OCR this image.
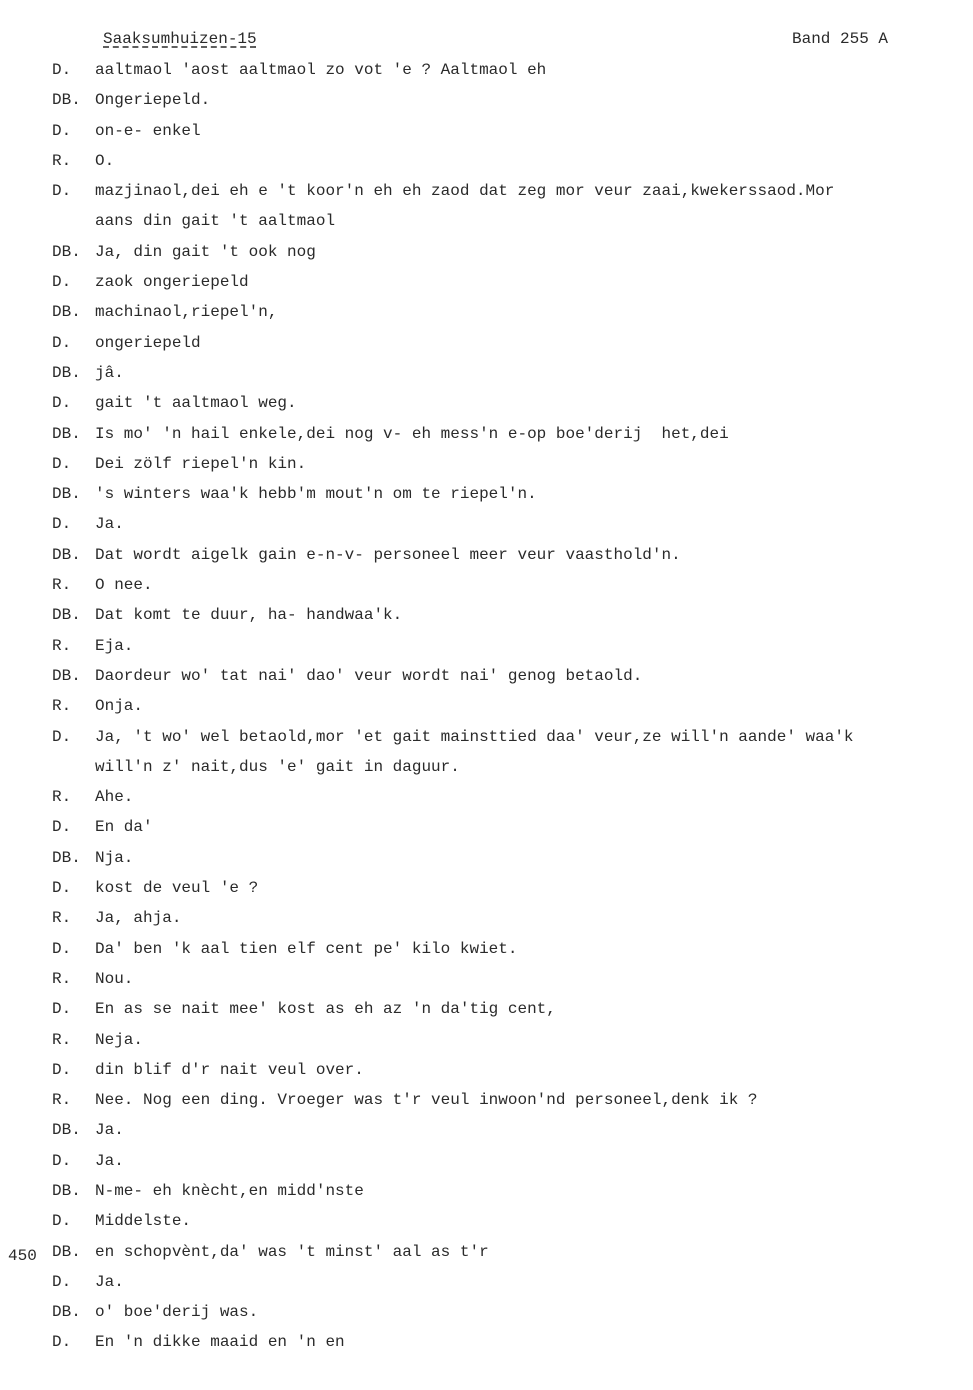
Saaksumhuizen-15	Band 255 A
450
D. aaltmaol 'aost aaltmaol zo vot 'e ? Aaltmaol eh
DB. Ongeriepeld.
D. on-e- enkel
R. O.
D. mazjinaol,dei eh e 't koor'n eh eh zaod dat zeg mor veur zaai,kwekerssaod.Mor
aans din gait 't aaltmaol
DB. Ja, din gait 't ook nog
D. zaok ongeriepeld
DB. machinaol,riepel'n,
D. ongeriepeld
DB. jâ.
D. gait 't aaltmaol weg.
DB. Is mo' 'n hail enkele,dei nog v- eh mess'n e-op boe'derij  het,dei
D. Dei zölf riepel'n kin.
DB. 's winters waa'k hebb'm mout'n om te riepel'n.
D. Ja.
DB. Dat wordt aigelk gain e-n-v- personeel meer veur vaasthold'n.
R. O nee.
DB. Dat komt te duur, ha- handwaa'k.
R. Eja.
DB. Daordeur wo' tat nai' dao' veur wordt nai' genog betaold.
R. Onja.
D. Ja, 't wo' wel betaold,mor 'et gait mainsttied daa' veur,ze will'n aande' waa'k
will'n z' nait,dus 'e' gait in daguur.
R. Ahe.
D. En da'
DB. Nja.
D. kost de veul 'e ?
R. Ja, ahja.
D. Da' ben 'k aal tien elf cent pe' kilo kwiet.
R. Nou.
D. En as se nait mee' kost as eh az 'n da'tig cent,
R. Neja.
D. din blif d'r nait veul over.
R. Nee. Nog een ding. Vroeger was t'r veul inwoon'nd personeel,denk ik ?
DB. Ja.
D. Ja.
DB. N-me- eh knècht,en midd'nste
D. Middelste.
DB. en schopvènt,da' was 't minst' aal as t'r
D. Ja.
DB. o' boe'derij was.
D. En 'n dikke maaid en 'n en
